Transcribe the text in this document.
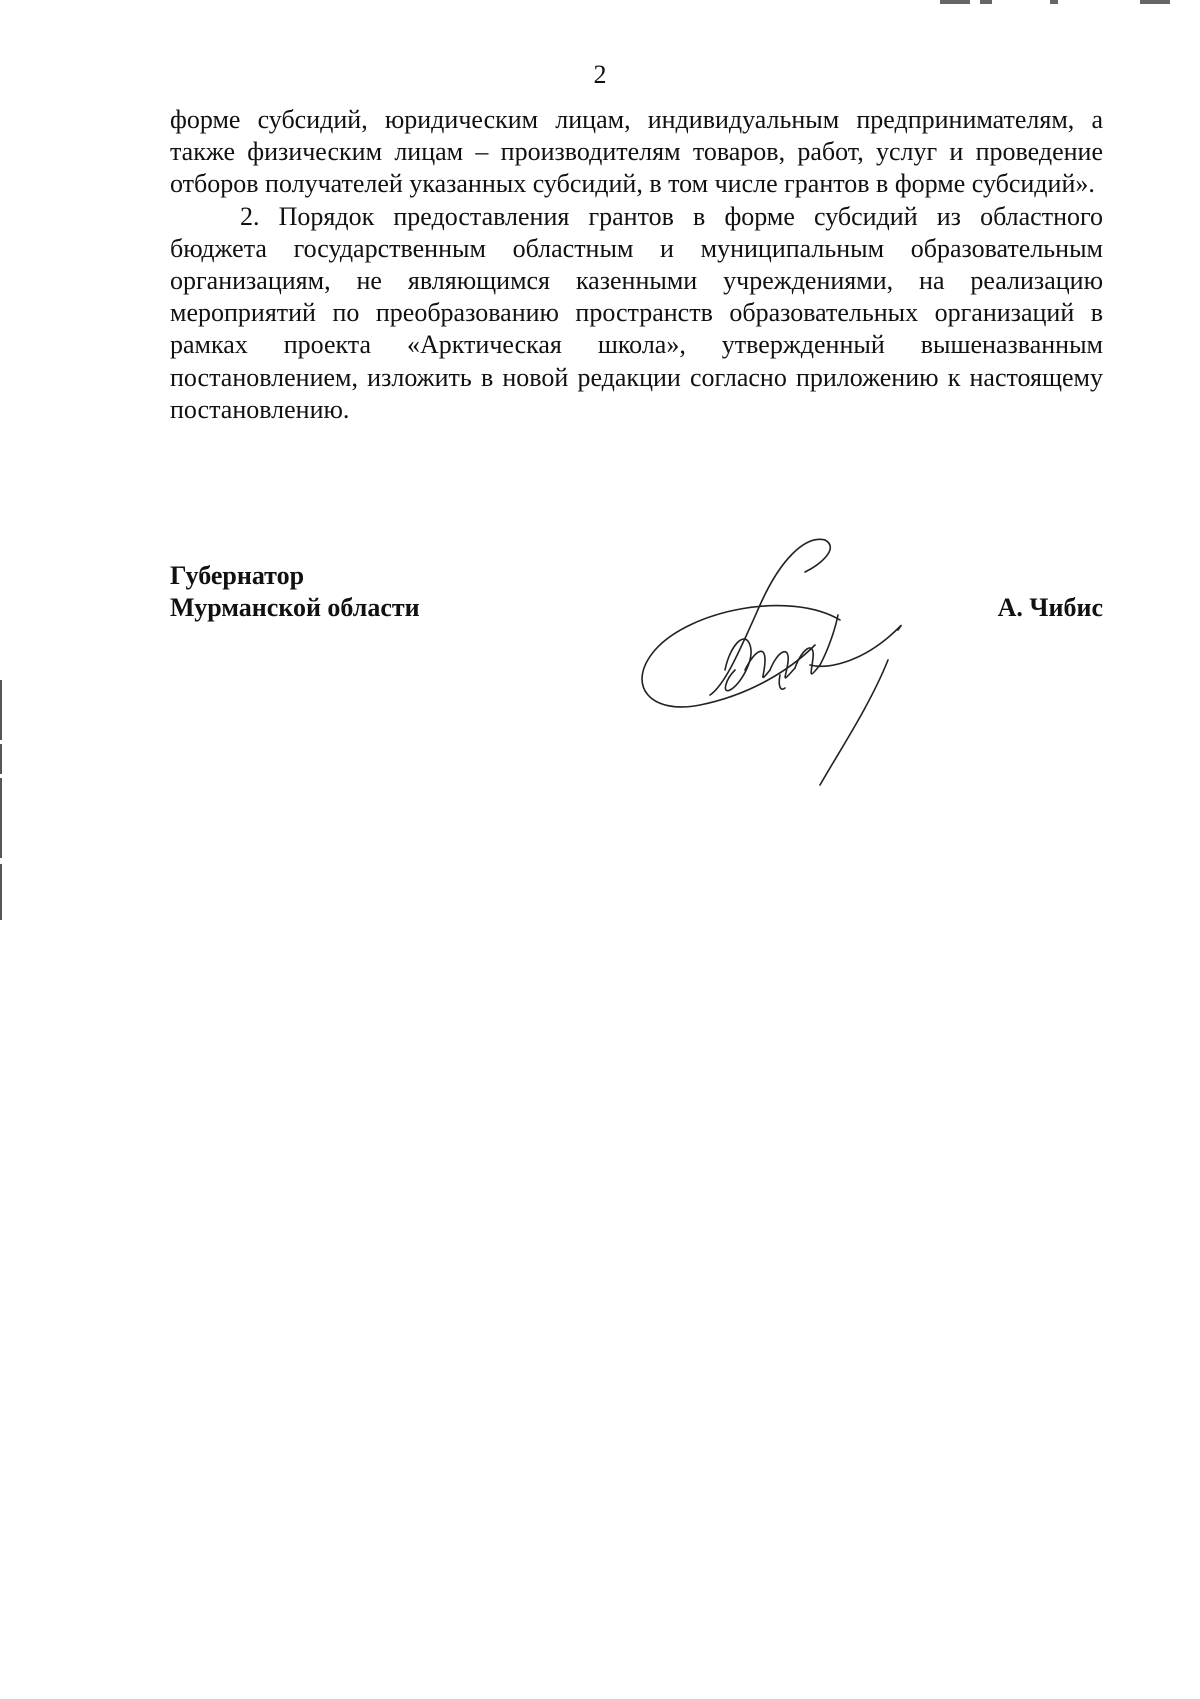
2

форме субсидий, юридическим лицам, индивидуальным предпринимателям, а также физическим лицам – производителям товаров, работ, услуг и проведение отборов получателей указанных субсидий, в том числе грантов в форме субсидий».

2. Порядок предоставления грантов в форме субсидий из областного бюджета государственным областным и муниципальным образовательным организациям, не являющимся казенными учреждениями, на реализацию мероприятий по преобразованию пространств образовательных организаций в рамках проекта «Арктическая школа», утвержденный вышеназванным постановлением, изложить в новой редакции согласно приложению к настоящему постановлению.

Губернатор
Мурманской области	А. Чибис
